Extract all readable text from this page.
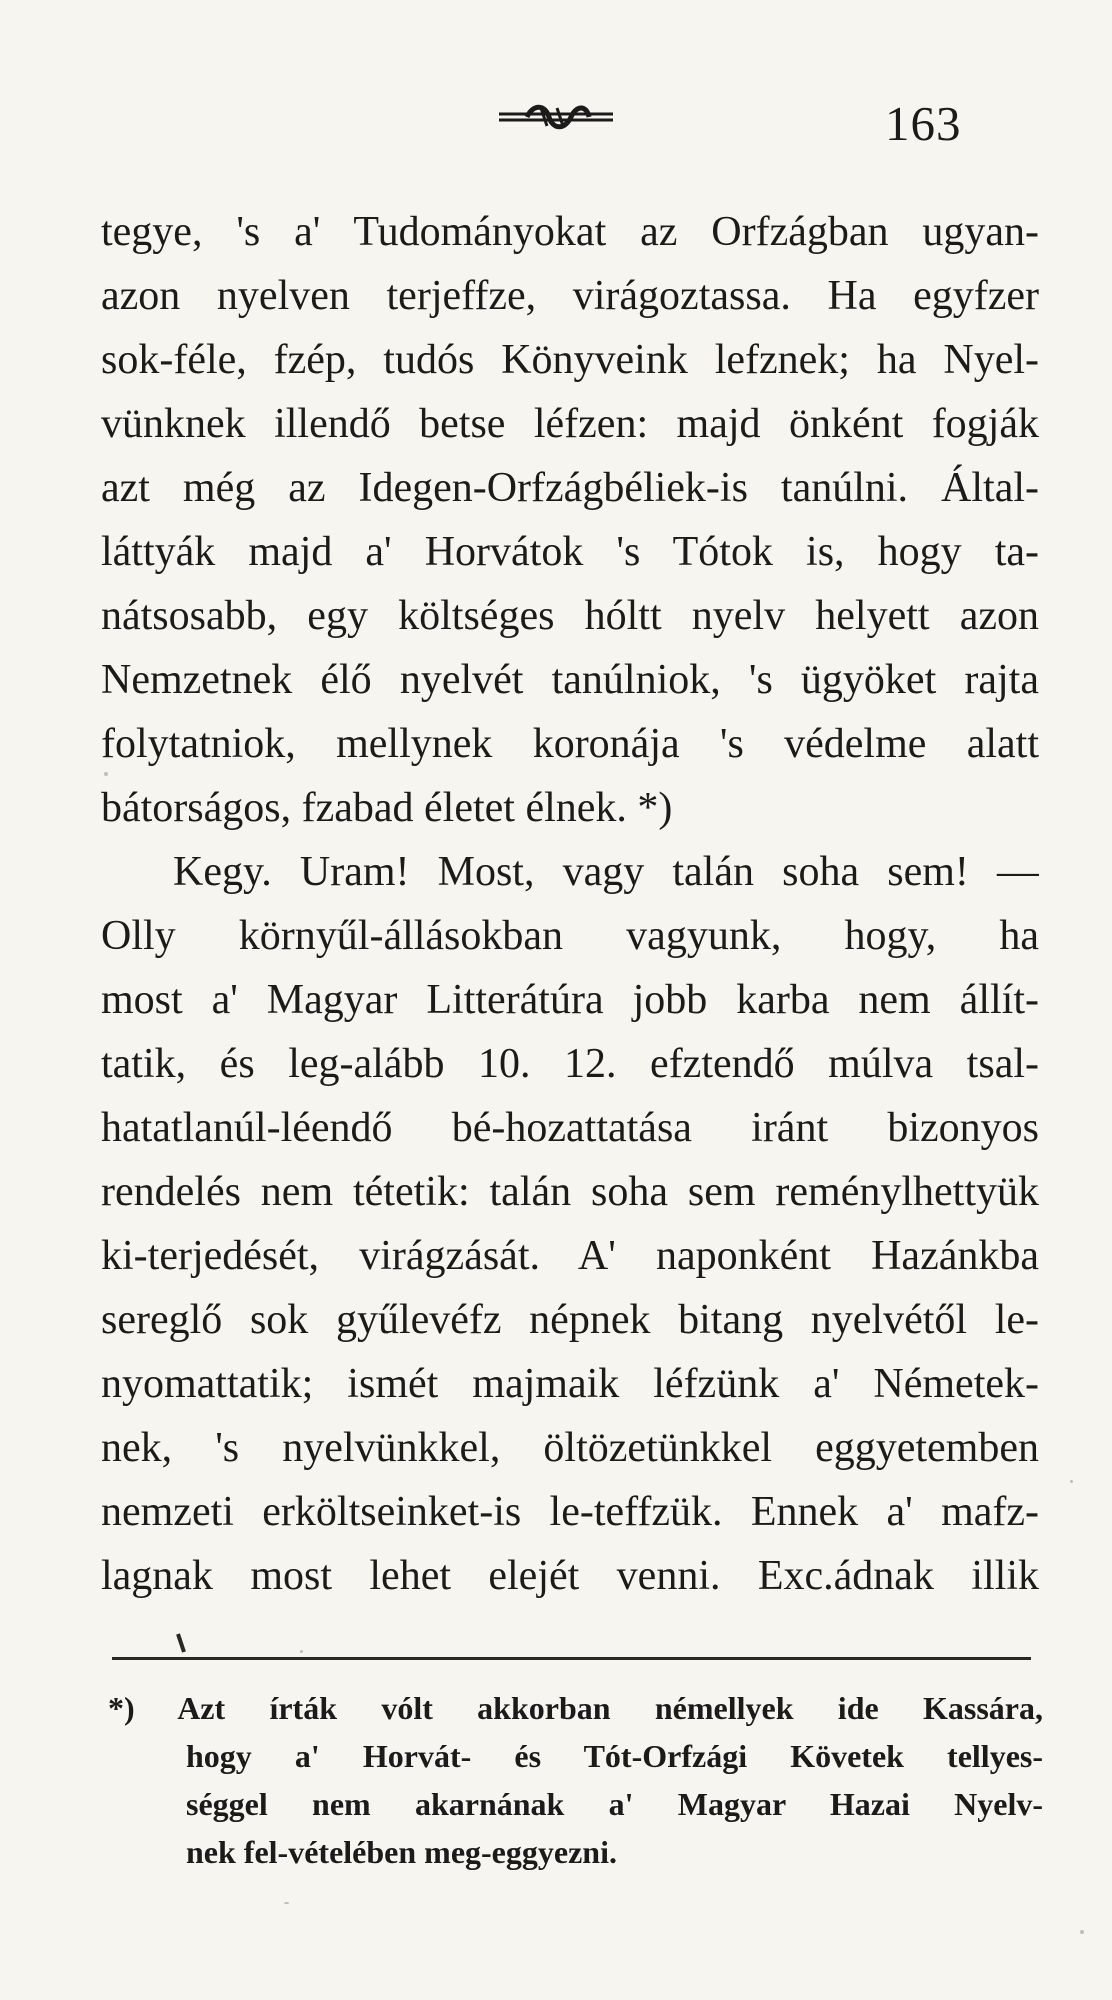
163
tegye, 's a' Tudományokat az Orfzágban ugyan-
azon nyelven terjeffze, virágoztassa. Ha egyfzer
sok-féle, fzép, tudós Könyveink lefznek; ha Nyel-
vünknek illendő betse léfzen: majd önként fogják
azt még az Idegen-Orfzágbéliek-is tanúlni. Által-
láttyák majd a' Horvátok 's Tótok is, hogy ta-
nátsosabb, egy költséges hóltt nyelv helyett azon
Nemzetnek élő nyelvét tanúlniok, 's ügyöket rajta
folytatniok, mellynek koronája 's védelme alatt
bátorságos, fzabad életet élnek. *)
Kegy. Uram! Most, vagy talán soha sem! —
Olly környűl-állásokban vagyunk, hogy, ha
most a' Magyar Litterátúra jobb karba nem állít-
tatik, és leg-alább 10. 12. efztendő múlva tsal-
hatatlanúl-léendő bé-hozattatása iránt bizonyos
rendelés nem tétetik: talán soha sem reménylhettyük
ki-terjedését, virágzását. A' naponként Hazánkba
sereglő sok gyűlevéfz népnek bitang nyelvétől le-
nyomattatik; ismét majmaik léfzünk a' Németek-
nek, 's nyelvünkkel, öltözetünkkel eggyetemben
nemzeti erköltseinket-is le-teffzük. Ennek a' mafz-
lagnak most lehet elejét venni. Exc.ádnak illik
*) Azt írták vólt akkorban némellyek ide Kassára,
hogy a' Horvát- és Tót-Orfzági Követek tellyes-
séggel nem akarnának a' Magyar Hazai Nyelv-
nek fel-vételében meg-eggyezni.
